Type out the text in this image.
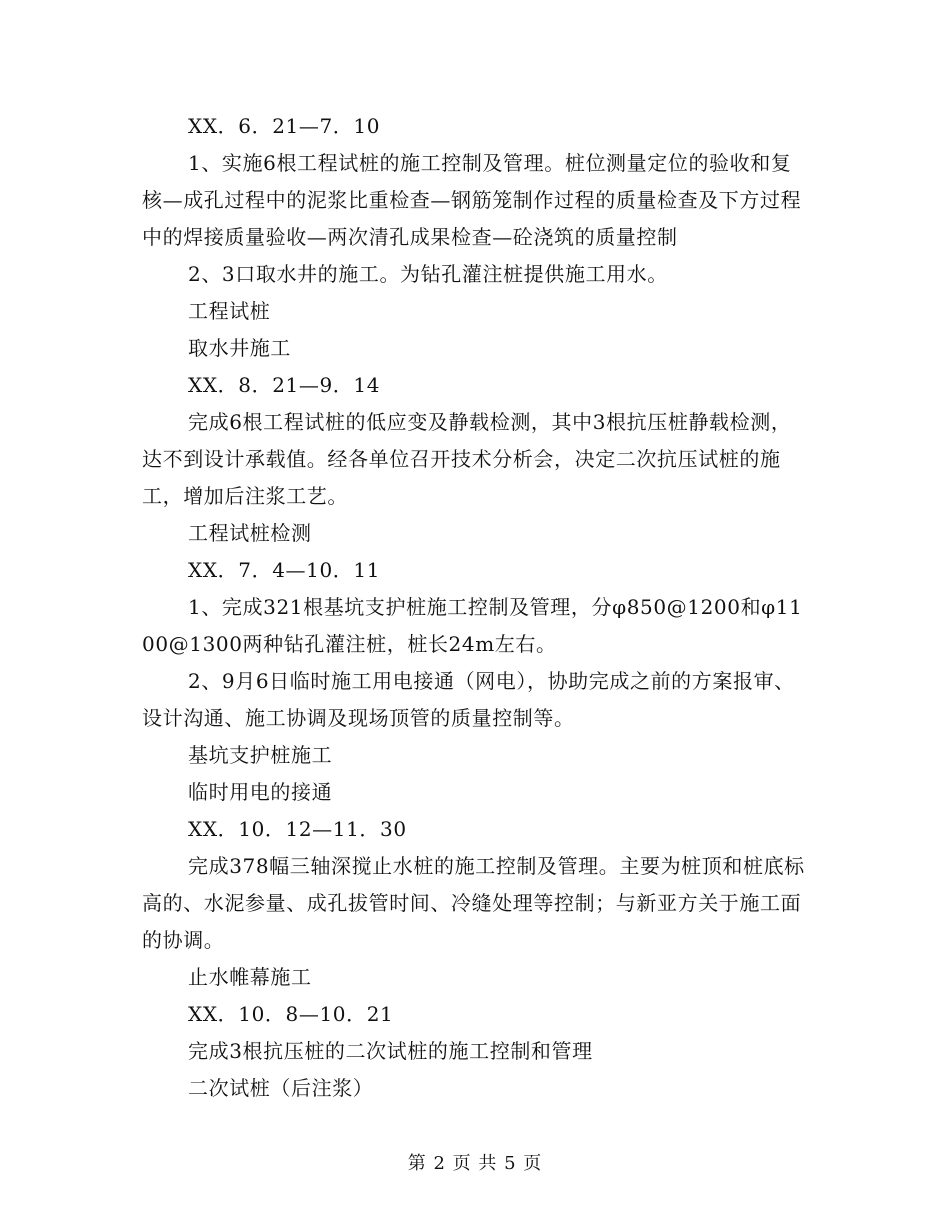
XX．6．21—7．10

1、实施6根工程试桩的施工控制及管理。桩位测量定位的验收和复核—成孔过程中的泥浆比重检查—钢筋笼制作过程的质量检查及下方过程中的焊接质量验收—两次清孔成果检查—砼浇筑的质量控制

2、3口取水井的施工。为钻孔灌注桩提供施工用水。

工程试桩

取水井施工

XX．8．21—9．14

完成6根工程试桩的低应变及静载检测，其中3根抗压桩静载检测，达不到设计承载值。经各单位召开技术分析会，决定二次抗压试桩的施工，增加后注浆工艺。

工程试桩检测

XX．7．4—10．11

1、完成321根基坑支护桩施工控制及管理，分φ850@1200和φ1100@1300两种钻孔灌注桩，桩长24m左右。

2、9月6日临时施工用电接通（网电），协助完成之前的方案报审、设计沟通、施工协调及现场顶管的质量控制等。

基坑支护桩施工

临时用电的接通

XX．10．12—11．30

完成378幅三轴深搅止水桩的施工控制及管理。主要为桩顶和桩底标高的、水泥参量、成孔拔管时间、冷缝处理等控制；与新亚方关于施工面的协调。

止水帷幕施工

XX．10．8—10．21

完成3根抗压桩的二次试桩的施工控制和管理

二次试桩（后注浆）

第 2 页 共 5 页
